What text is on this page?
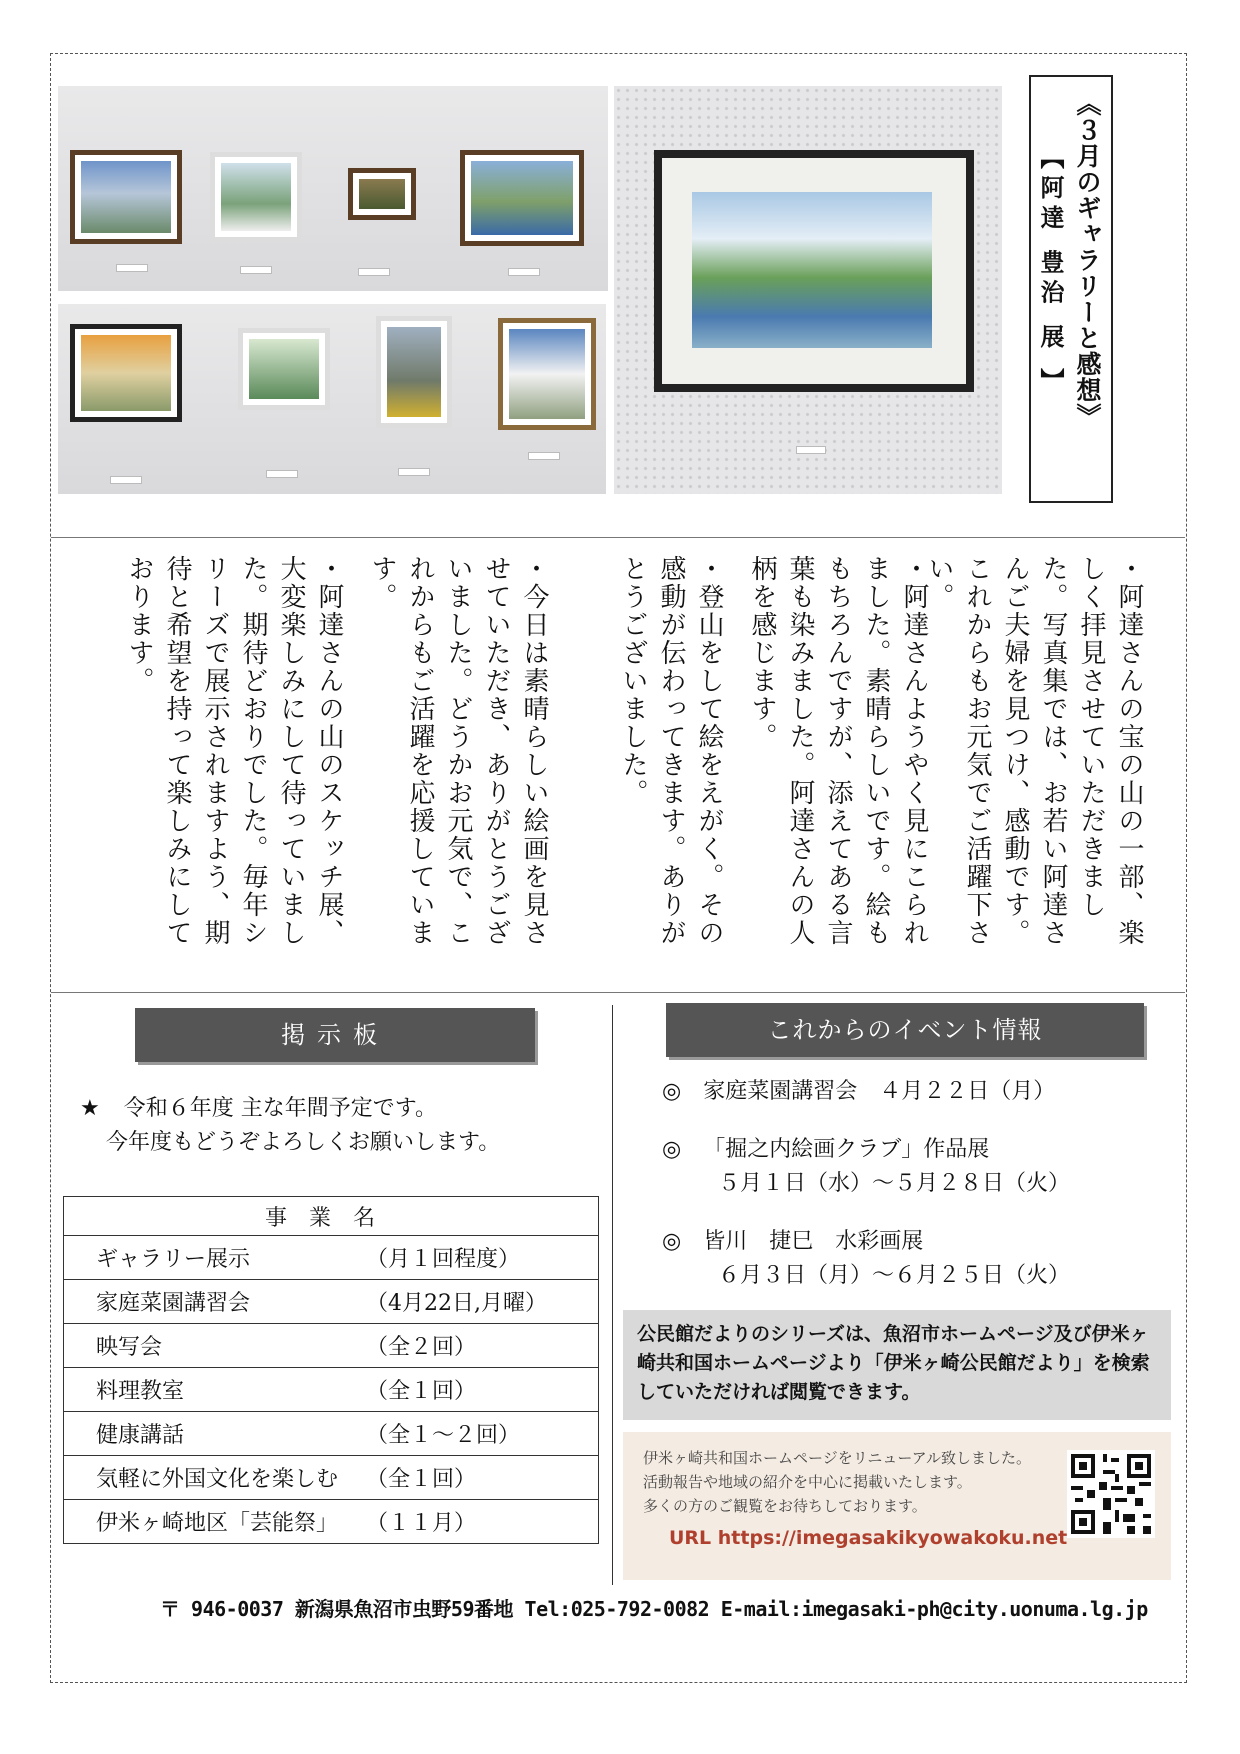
《３月のギャラリーと感想》
【阿達 豊治 展 】
・阿達さんの宝の山の一部、楽しく拝見させていただきました。写真集では、お若い阿達さんご夫婦を見つけ、感動です。これからもお元気でご活躍下さい。
・阿達さんようやく見にこられました。素晴らしいです。絵ももちろんですが、添えてある言葉も染みました。阿達さんの人柄を感じます。
・登山をして絵をえがく。その感動が伝わってきます。ありがとうございました。
・今日は素晴らしい絵画を見させていただき、ありがとうございました。どうかお元気で、これからもご活躍を応援しています。
・阿達さんの山のスケッチ展、大変楽しみにして待っていました。期待どおりでした。毎年シリーズで展示されますよう、期待と希望を持って楽しみにしております。
掲示板
★ 令和６年度 主な年間予定です。
今年度もどうぞよろしくお願いします。
事業名
ギャラリー展示	（月１回程度）
家庭菜園講習会	（4月22日,月曜）
映写会	（全２回）
料理教室	（全１回）
健康講話	（全１～２回）
気軽に外国文化を楽しむ （全１回）
伊米ヶ崎地区「芸能祭」 （１１月）
これからのイベント情報
◎ 家庭菜園講習会　４月２２日（月）
◎ 「掘之内絵画クラブ」作品展
５月１日（水）～５月２８日（火）
◎ 皆川　捷巳　水彩画展
６月３日（月）～６月２５日（火）
公民館だよりのシリーズは、魚沼市ホームページ及び伊米ヶ崎共和国ホームページより「伊米ヶ崎公民館だより」を検索していただければ閲覧できます。
伊米ヶ崎共和国ホームページをリニューアル致しました。
活動報告や地域の紹介を中心に掲載いたします。
多くの方のご観覧をお待ちしております。
URL https://imegasakikyowakoku.net
〒 946-0037 新潟県魚沼市虫野59番地 Tel:025-792-0082 E-mail:imegasaki-ph@city.uonuma.lg.jp
